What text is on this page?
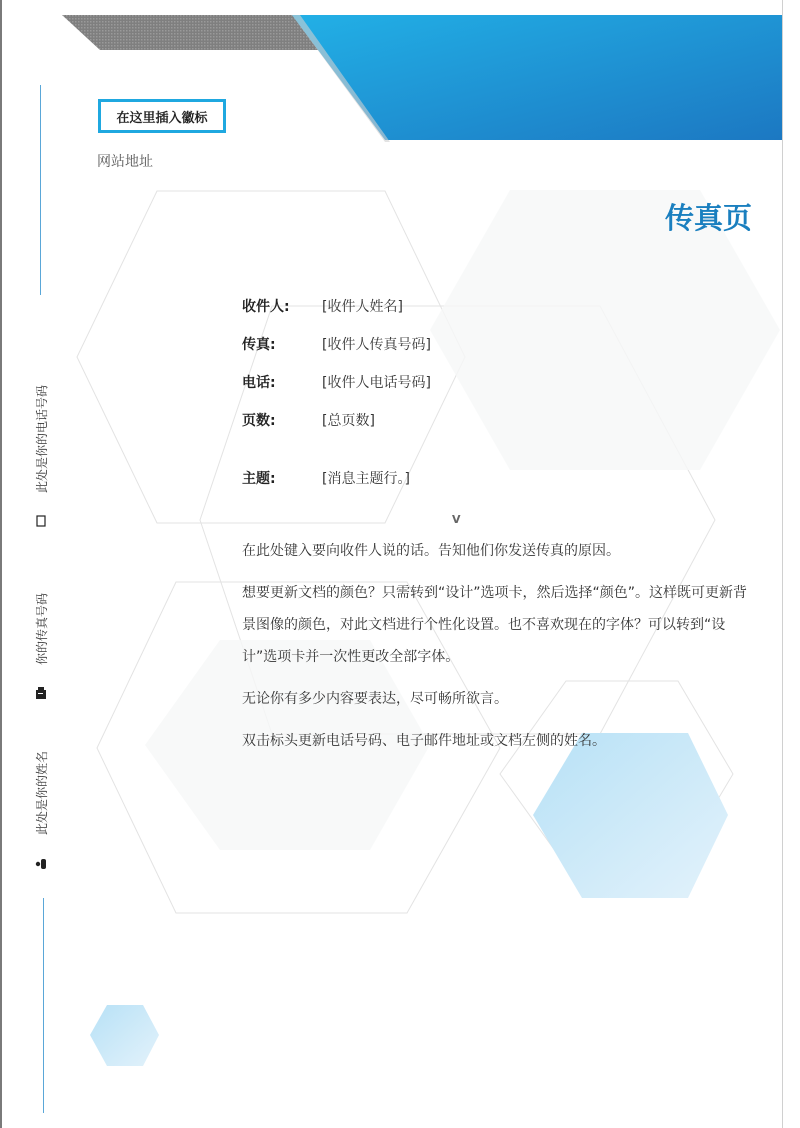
在这里插入徽标
网站地址
传真页
收件人:	[收件人姓名]
传真:	[收件人传真号码]
电话:	[收件人电话号码]
页数:	[总页数]
主题:	[消息主题行。]
V

在此处键入要向收件人说的话。告知他们你发送传真的原因。

想要更新文档的颜色？只需转到“设计”选项卡，然后选择“颜色”。这样既可更新背景图像的颜色，对此文档进行个性化设置。也不喜欢现在的字体？可以转到“设计”选项卡并一次性更改全部字体。

无论你有多少内容要表达，尽可畅所欲言。

双击标头更新电话号码、电子邮件地址或文档左侧的姓名。

此处是你的电话号码
你的传真号码
此处是你的姓名
